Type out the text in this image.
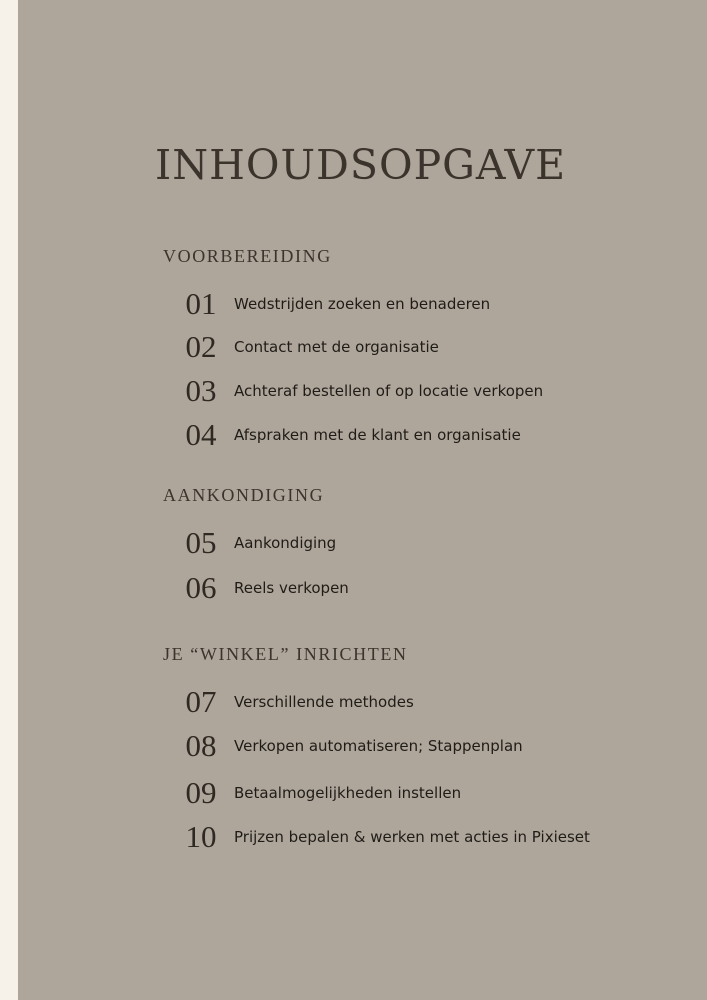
INHOUDSOPGAVE
VOORBEREIDING
01	Wedstrijden zoeken en benaderen
02	Contact met de organisatie
03	Achteraf bestellen of op locatie verkopen
04	Afspraken met de klant en organisatie
AANKONDIGING
05	Aankondiging
06	Reels verkopen
JE “WINKEL” INRICHTEN
07	Verschillende methodes
08	Verkopen automatiseren; Stappenplan
09	Betaalmogelijkheden instellen
10	Prijzen bepalen & werken met acties in Pixieset
